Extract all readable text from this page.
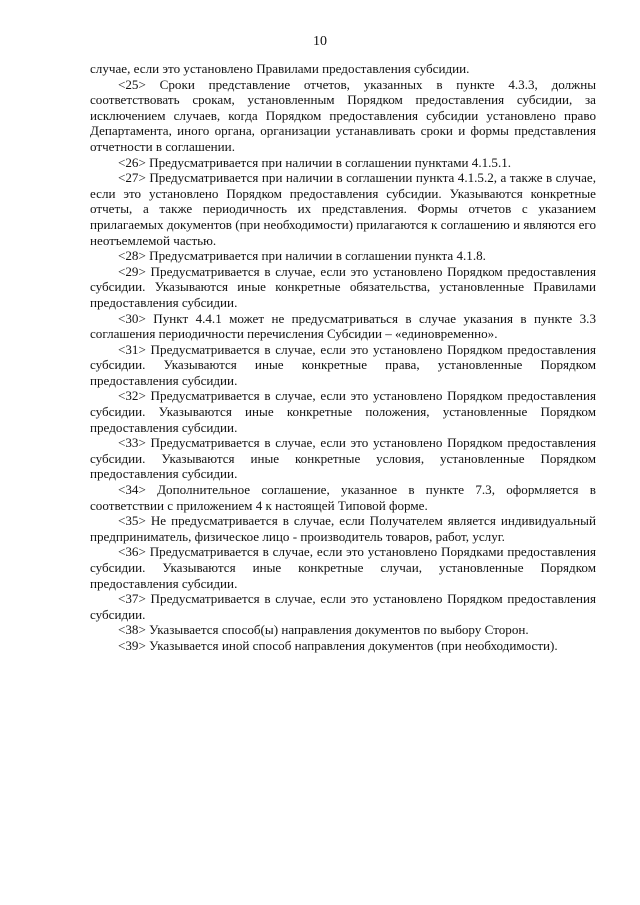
10

случае, если это установлено Правилами предоставления субсидии.

<25> Сроки представление отчетов, указанных в пункте 4.3.3, должны соответствовать срокам, установленным Порядком предоставления субсидии, за исключением случаев, когда Порядком предоставления субсидии установлено право Департамента, иного органа, организации устанавливать сроки и формы представления отчетности в соглашении.

<26> Предусматривается при наличии в соглашении пунктами 4.1.5.1.

<27> Предусматривается при наличии в соглашении пункта 4.1.5.2, а также в случае, если это установлено Порядком предоставления субсидии. Указываются конкретные отчеты, а также периодичность их представления. Формы отчетов с указанием прилагаемых документов (при необходимости) прилагаются к соглашению и являются его неотъемлемой частью.

<28> Предусматривается при наличии в соглашении пункта 4.1.8.

<29> Предусматривается в случае, если это установлено Порядком предоставления субсидии. Указываются иные конкретные обязательства, установленные Правилами предоставления субсидии.

<30> Пункт 4.4.1 может не предусматриваться в случае указания в пункте 3.3 соглашения периодичности перечисления Субсидии – «единовременно».

<31> Предусматривается в случае, если это установлено Порядком предоставления субсидии. Указываются иные конкретные права, установленные Порядком предоставления субсидии.

<32> Предусматривается в случае, если это установлено Порядком предоставления субсидии. Указываются иные конкретные положения, установленные Порядком предоставления субсидии.

<33> Предусматривается в случае, если это установлено Порядком предоставления субсидии. Указываются иные конкретные условия, установленные Порядком предоставления субсидии.

<34> Дополнительное соглашение, указанное в пункте 7.3, оформляется в соответствии с приложением 4 к настоящей Типовой форме.

<35> Не предусматривается в случае, если Получателем является индивидуальный предприниматель, физическое лицо - производитель товаров, работ, услуг.

<36> Предусматривается в случае, если это установлено Порядками предоставления субсидии. Указываются иные конкретные случаи, установленные Порядком предоставления субсидии.

<37> Предусматривается в случае, если это установлено Порядком предоставления субсидии.

<38> Указывается способ(ы) направления документов по выбору Сторон.

<39> Указывается иной способ направления документов (при необходимости).
